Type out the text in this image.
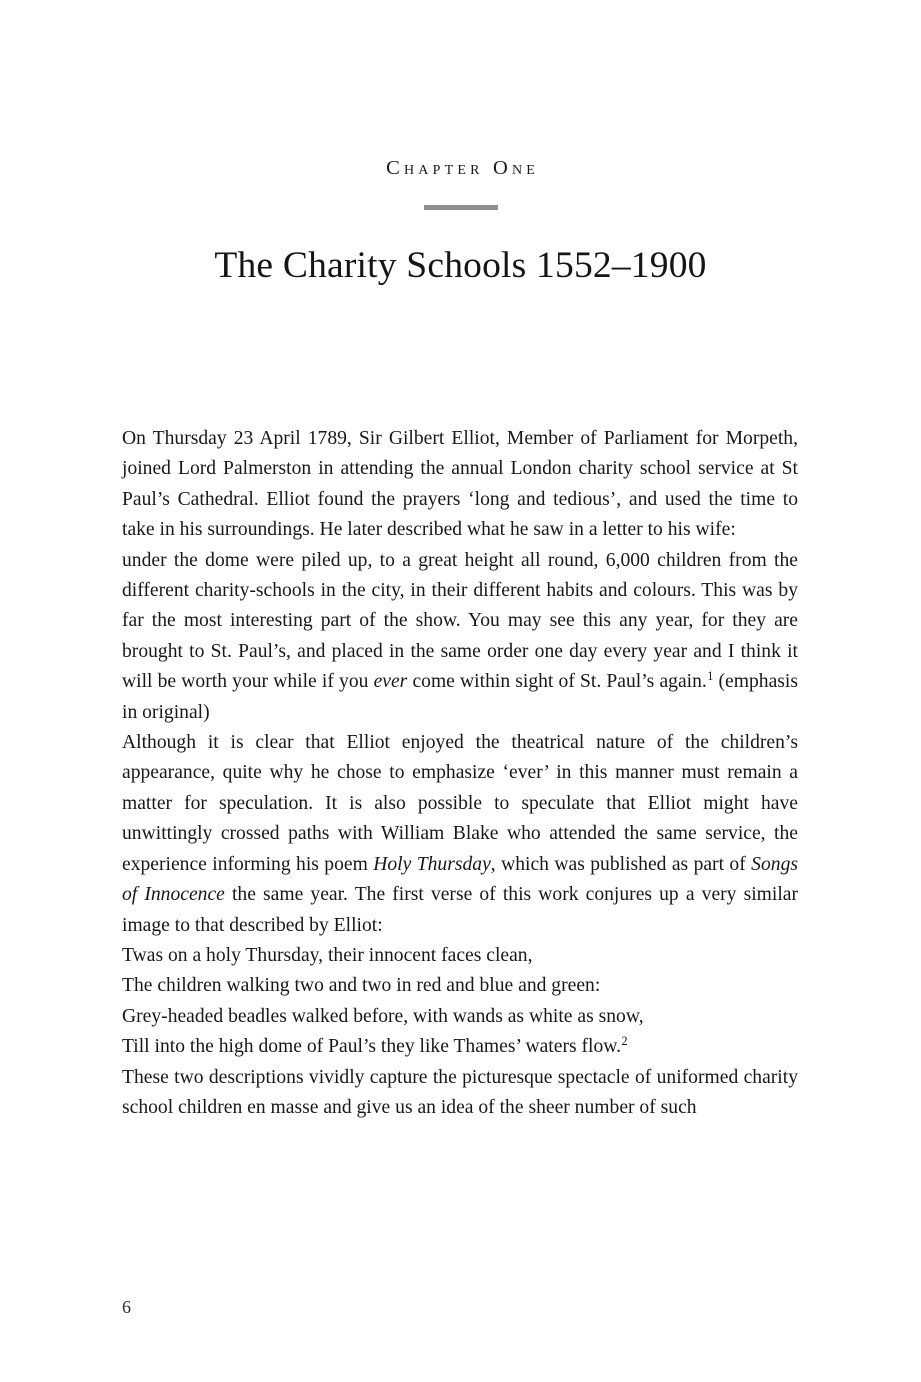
Chapter One
The Charity Schools 1552–1900

On Thursday 23 April 1789, Sir Gilbert Elliot, Member of Parliament for Morpeth, joined Lord Palmerston in attending the annual London charity school service at St Paul’s Cathedral. Elliot found the prayers ‘long and tedious’, and used the time to take in his surroundings. He later described what he saw in a letter to his wife:

under the dome were piled up, to a great height all round, 6,000 children from the different charity-schools in the city, in their different habits and colours. This was by far the most interesting part of the show. You may see this any year, for they are brought to St. Paul’s, and placed in the same order one day every year and I think it will be worth your while if you ever come within sight of St. Paul’s again.$^1$ (emphasis in original)

Although it is clear that Elliot enjoyed the theatrical nature of the children’s appearance, quite why he chose to emphasize ‘ever’ in this manner must remain a matter for speculation. It is also possible to speculate that Elliot might have unwittingly crossed paths with William Blake who attended the same service, the experience informing his poem Holy Thursday, which was published as part of Songs of Innocence the same year. The first verse of this work conjures up a very similar image to that described by Elliot:

Twas on a holy Thursday, their innocent faces clean,
The children walking two and two in red and blue and green:
Grey-headed beadles walked before, with wands as white as snow,
Till into the high dome of Paul’s they like Thames’ waters flow.$^2$

These two descriptions vividly capture the picturesque spectacle of uniformed charity school children en masse and give us an idea of the sheer number of such

6
